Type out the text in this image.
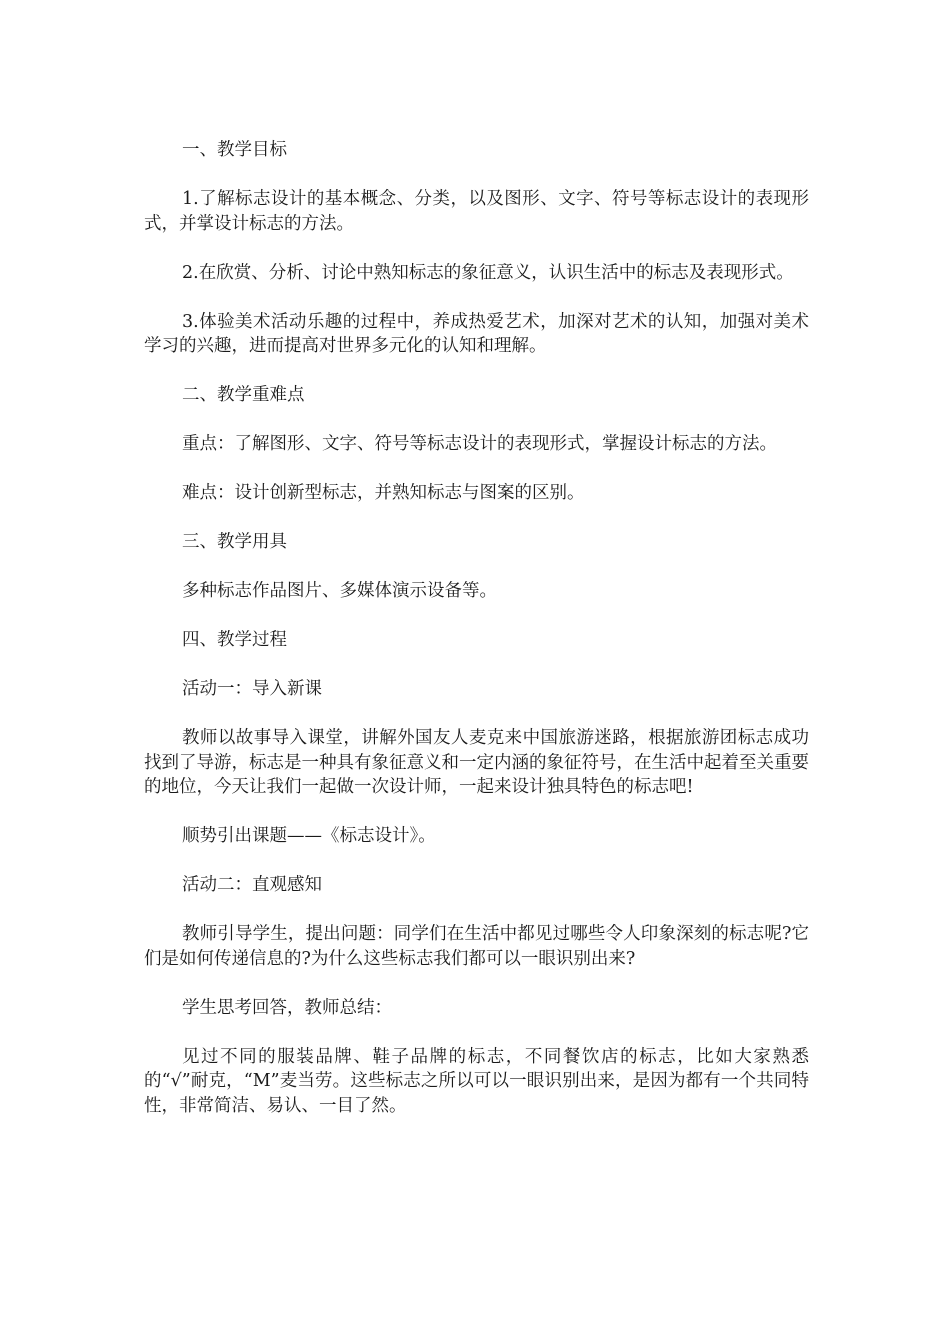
一、教学目标

1.了解标志设计的基本概念、分类，以及图形、文字、符号等标志设计的表现形式，并掌设计标志的方法。

2.在欣赏、分析、讨论中熟知标志的象征意义，认识生活中的标志及表现形式。

3.体验美术活动乐趣的过程中，养成热爱艺术，加深对艺术的认知，加强对美术学习的兴趣，进而提高对世界多元化的认知和理解。

二、教学重难点

重点：了解图形、文字、符号等标志设计的表现形式，掌握设计标志的方法。

难点：设计创新型标志，并熟知标志与图案的区别。

三、教学用具

多种标志作品图片、多媒体演示设备等。

四、教学过程

活动一：导入新课

教师以故事导入课堂，讲解外国友人麦克来中国旅游迷路，根据旅游团标志成功找到了导游，标志是一种具有象征意义和一定内涵的象征符号，在生活中起着至关重要的地位，今天让我们一起做一次设计师，一起来设计独具特色的标志吧!

顺势引出课题——《标志设计》。

活动二：直观感知

教师引导学生，提出问题：同学们在生活中都见过哪些令人印象深刻的标志呢?它们是如何传递信息的?为什么这些标志我们都可以一眼识别出来?

学生思考回答，教师总结：

见过不同的服装品牌、鞋子品牌的标志，不同餐饮店的标志，比如大家熟悉的“√”耐克，“M”麦当劳。这些标志之所以可以一眼识别出来，是因为都有一个共同特性，非常简洁、易认、一目了然。
